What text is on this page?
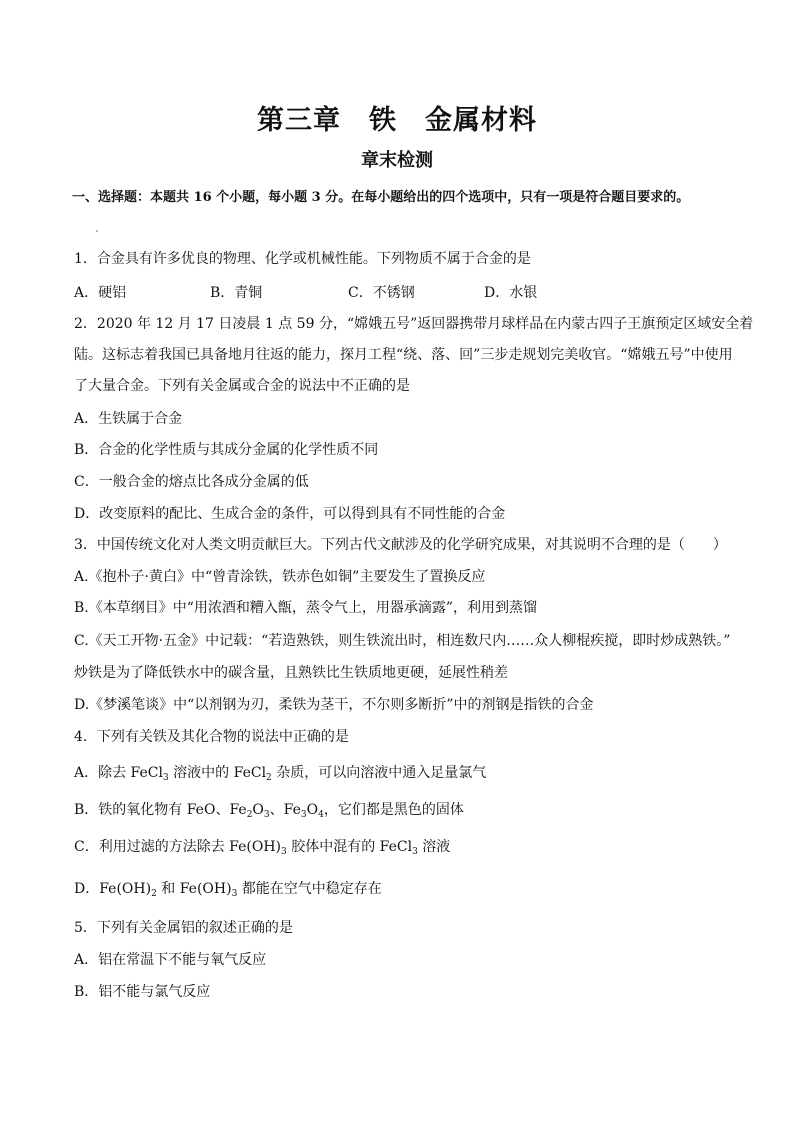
第三章　铁　金属材料
章末检测
一、选择题：本题共 16 个小题，每小题 3 分。在每小题给出的四个选项中，只有一项是符合题目要求的。
1．合金具有许多优良的物理、化学或机械性能。下列物质不属于合金的是
A．硬铝	B．青铜	C．不锈钢	D．水银
2．2020 年 12 月 17 日凌晨 1 点 59 分，“嫦娥五号”返回器携带月球样品在内蒙古四子王旗预定区域安全着
陆。这标志着我国已具备地月往返的能力，探月工程“绕、落、回”三步走规划完美收官。“嫦娥五号”中使用
了大量合金。下列有关金属或合金的说法中不正确的是
A．生铁属于合金
B．合金的化学性质与其成分金属的化学性质不同
C．一般合金的熔点比各成分金属的低
D．改变原料的配比、生成合金的条件，可以得到具有不同性能的合金
3．中国传统文化对人类文明贡献巨大。下列古代文献涉及的化学研究成果，对其说明不合理的是（　　）
A.《抱朴子·黄白》中“曾青涂铁，铁赤色如铜”主要发生了置换反应
B.《本草纲目》中“用浓酒和糟入甑，蒸令气上，用器承滴露”，利用到蒸馏
C.《天工开物·五金》中记载：“若造熟铁，则生铁流出时，相连数尺内……众人柳棍疾搅，即时炒成熟铁。”
炒铁是为了降低铁水中的碳含量，且熟铁比生铁质地更硬，延展性稍差
D.《梦溪笔谈》中“以剂钢为刃，柔铁为茎干，不尔则多断折”中的剂钢是指铁的合金
4．下列有关铁及其化合物的说法中正确的是
A．除去 FeCl$_3$ 溶液中的 FeCl$_2$ 杂质，可以向溶液中通入足量氯气
B．铁的氧化物有 FeO、$Fe_2O_3$、$Fe_3O_4$，它们都是黑色的固体
C．利用过滤的方法除去 $Fe(OH)_3$ 胶体中混有的 FeCl$_3$ 溶液
D．$Fe(OH)_2$ 和 $Fe(OH)_3$ 都能在空气中稳定存在
5．下列有关金属铝的叙述正确的是
A．铝在常温下不能与氧气反应
B．铝不能与氯气反应
